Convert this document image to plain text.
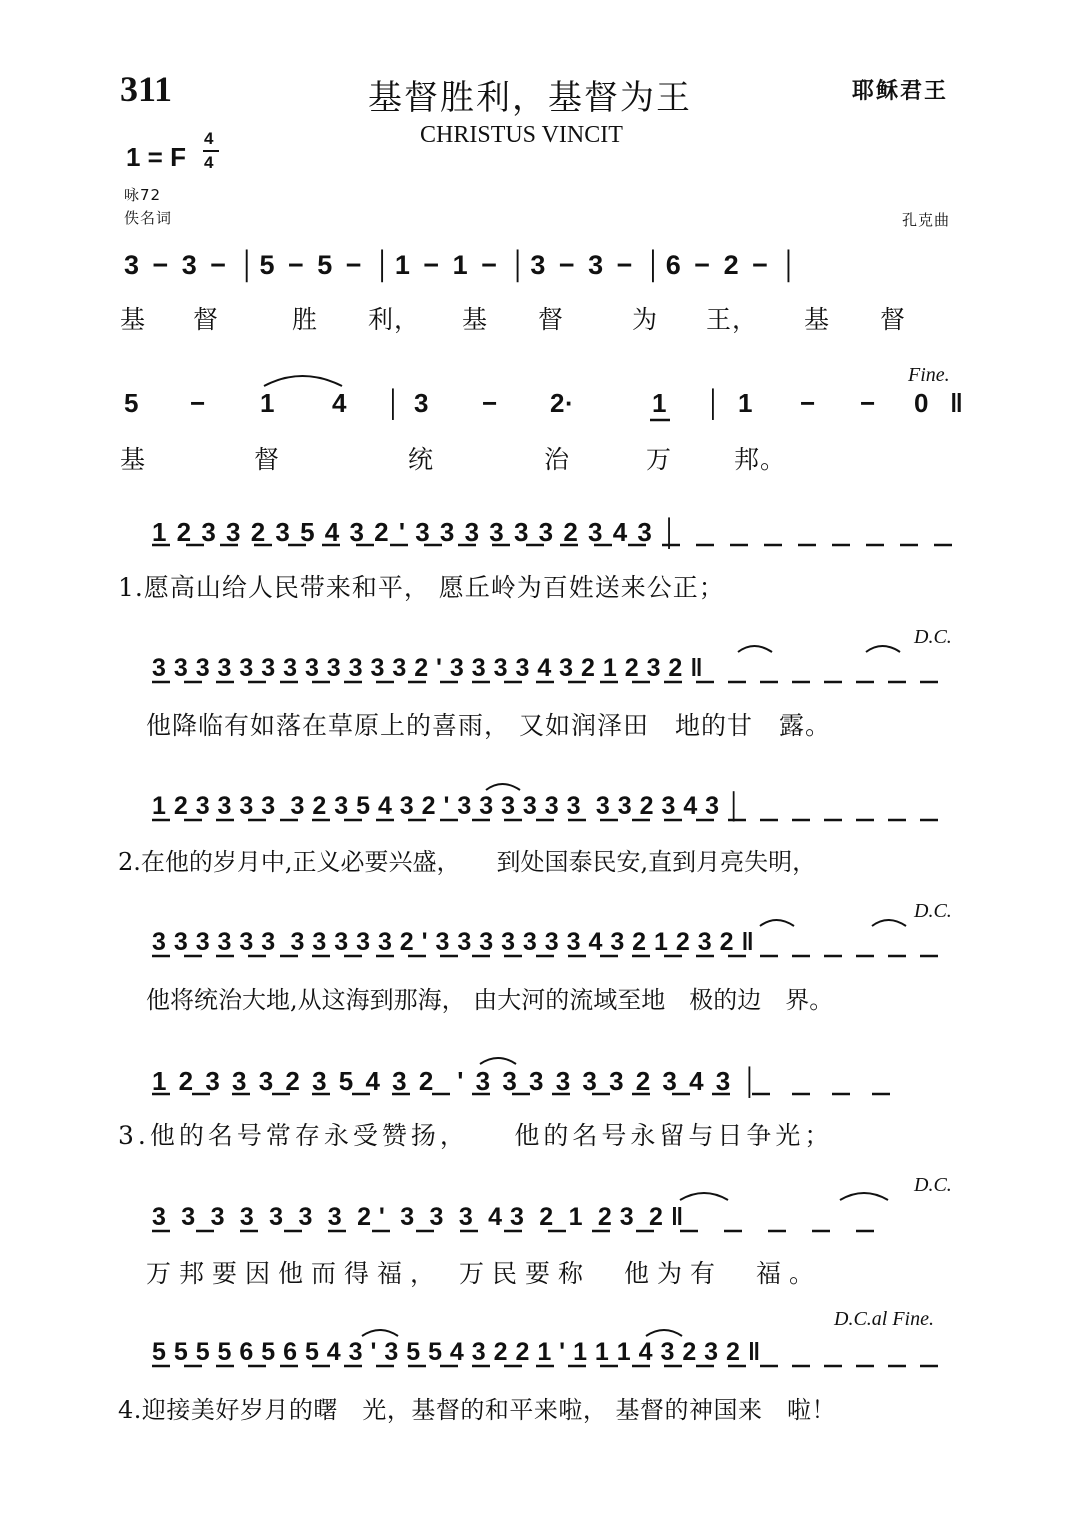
311	基督胜利，基督为王
CHRISTUS VINCIT
耶稣君王
1 = F
4
4
咏72
佚名词	孔克曲
3 − 3 − │5 − 5 − │1 − 1 − │3 − 3 − │6 − 2 − │
基 督	胜 利， 基 督	为 王， 基 督
Fine.
5 − 1 4 │ 3 − 2·	1 │ 1 − − 0 ‖
基	督	统	治	万 邦。
1 2 3 3 2 3 5 4 3 2 ' 3 3 3 3 3 3 2 3 4 3 │
1.愿高山给人民带来和平， 愿丘岭为百姓送来公正；
D.C.
3 3 3 3 3 3 3 3 3 3 3 3 2 ' 3 3 3 3 4 3 2 1 2 3 2 ‖
他降临有如落在草原上的喜雨， 又如润泽田　地的甘　露。
1 2 3 3 3 3  3 2 3 5 4 3 2 ' 3 3 3 3 3 3  3 3 2 3 4 3 │
2.在他的岁月中,正义必要兴盛，　　到处国泰民安,直到月亮失明，
D.C.
3 3 3 3 3 3  3 3 3 3 3 2 ' 3 3 3 3 3 3 3 4 3 2 1 2 3 2 ‖
他将统治大地,从这海到那海， 由大河的流域至地　极的边　界。
1 2 3 3 3 2 3 5 4 3 2  ' 3 3 3 3 3 3 2 3 4 3 │
3.他的名号常存永受赞扬，　　他的名号永留与日争光；
D.C.
3  3  3  3  3  3  3  2 '  3  3  3  4 3  2  1  2 3  2 ‖
万邦要因他而得福， 万民要称　他为有　福。
D.C.al Fine.
5 5 5 5 6 5 6 5 4 3 ' 3 5 5 4 3 2 2 1 ' 1 1 1 4 3 2 3 2 ‖
4.迎接美好岁月的曙　光，基督的和平来啦， 基督的神国来　啦！
